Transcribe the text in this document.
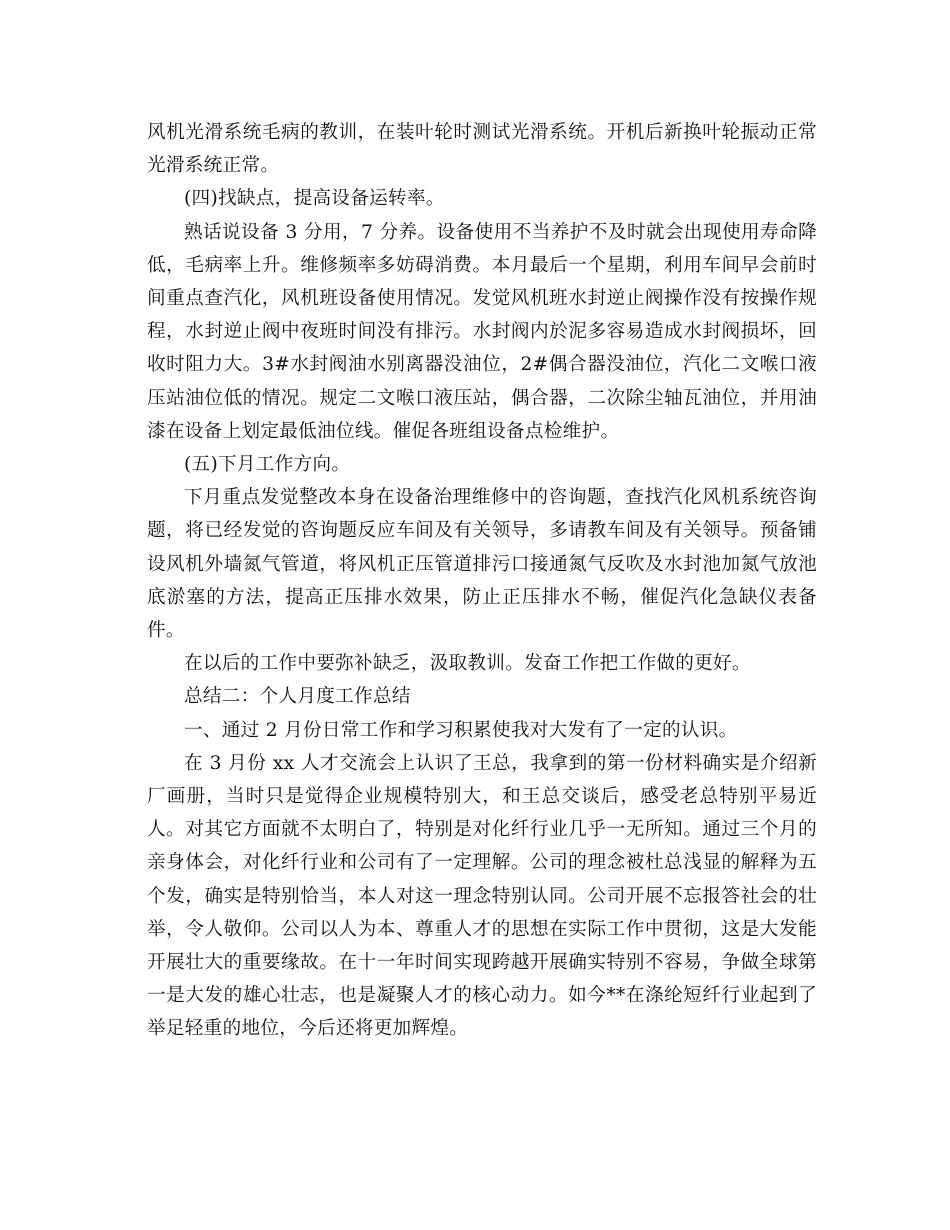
风机光滑系统毛病的教训，在装叶轮时测试光滑系统。开机后新换叶轮振动正常光滑系统正常。

(四)找缺点，提高设备运转率。

熟话说设备 3 分用，7 分养。设备使用不当养护不及时就会出现使用寿命降低，毛病率上升。维修频率多妨碍消费。本月最后一个星期，利用车间早会前时间重点查汽化，风机班设备使用情况。发觉风机班水封逆止阀操作没有按操作规程，水封逆止阀中夜班时间没有排污。水封阀内於泥多容易造成水封阀损坏，回收时阻力大。3#水封阀油水别离器没油位，2#偶合器没油位，汽化二文喉口液压站油位低的情况。规定二文喉口液压站，偶合器，二次除尘轴瓦油位，并用油漆在设备上划定最低油位线。催促各班组设备点检维护。

(五)下月工作方向。

下月重点发觉整改本身在设备治理维修中的咨询题，查找汽化风机系统咨询题，将已经发觉的咨询题反应车间及有关领导，多请教车间及有关领导。预备铺设风机外墙氮气管道，将风机正压管道排污口接通氮气反吹及水封池加氮气放池底淤塞的方法，提高正压排水效果，防止正压排水不畅，催促汽化急缺仪表备件。

在以后的工作中要弥补缺乏，汲取教训。发奋工作把工作做的更好。

总结二：个人月度工作总结

一、通过 2 月份日常工作和学习积累使我对大发有了一定的认识。

在 3 月份 xx 人才交流会上认识了王总，我拿到的第一份材料确实是介绍新厂画册，当时只是觉得企业规模特别大，和王总交谈后，感受老总特别平易近人。对其它方面就不太明白了，特别是对化纤行业几乎一无所知。通过三个月的亲身体会，对化纤行业和公司有了一定理解。公司的理念被杜总浅显的解释为五个发，确实是特别恰当，本人对这一理念特别认同。公司开展不忘报答社会的壮举，令人敬仰。公司以人为本、尊重人才的思想在实际工作中贯彻，这是大发能开展壮大的重要缘故。在十一年时间实现跨越开展确实特别不容易，争做全球第一是大发的雄心壮志，也是凝聚人才的核心动力。如今**在涤纶短纤行业起到了举足轻重的地位，今后还将更加辉煌。
